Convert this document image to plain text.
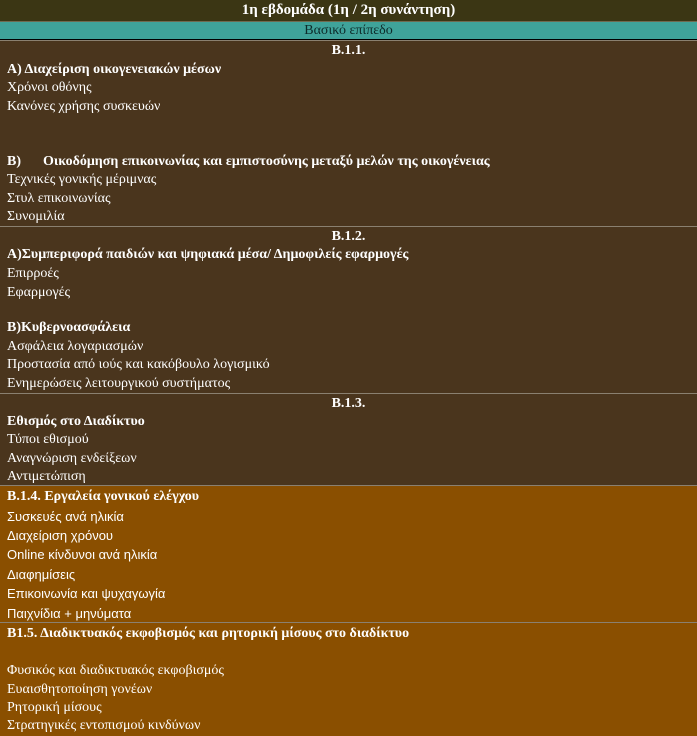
1η εβδομάδα (1η / 2η συνάντηση)
Βασικό επίπεδο
Β.1.1.
Α) Διαχείριση οικογενειακών μέσων
Χρόνοι οθόνης
Κανόνες χρήσης συσκευών
Β) Οικοδόμηση επικοινωνίας και εμπιστοσύνης μεταξύ μελών της οικογένειας
Τεχνικές γονικής μέριμνας
Στυλ επικοινωνίας
Συνομιλία
Β.1.2.
Α)Συμπεριφορά παιδιών και ψηφιακά μέσα/ Δημοφιλείς εφαρμογές
Επιρροές
Εφαρμογές
Β)Κυβερνοασφάλεια
Ασφάλεια λογαριασμών
Προστασία από ιούς και κακόβουλο λογισμικό
Ενημερώσεις λειτουργικού συστήματος
Β.1.3.
Εθισμός στο Διαδίκτυο
Τύποι εθισμού
Αναγνώριση ενδείξεων
Αντιμετώπιση
Β.1.4. Εργαλεία γονικού ελέγχου
Συσκευές ανά ηλικία
Διαχείριση χρόνου
Online κίνδυνοι ανά ηλικία
Διαφημίσεις
Επικοινωνία και ψυχαγωγία
Παιχνίδια + μηνύματα
Β1.5. Διαδικτυακός εκφοβισμός και ρητορική μίσους στο διαδίκτυο
Φυσικός και διαδικτυακός εκφοβισμός
Ευαισθητοποίηση γονέων
Ρητορική μίσους
Στρατηγικές εντοπισμού κινδύνων
